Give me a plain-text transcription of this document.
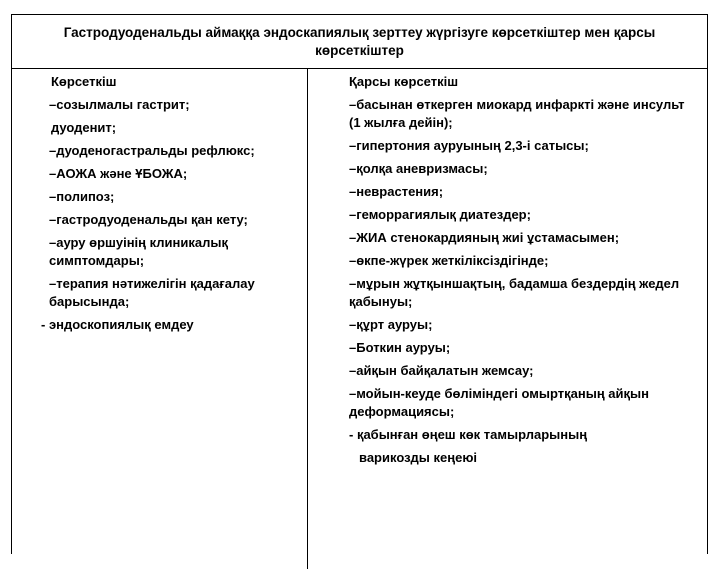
Гастродуоденальды аймаққа эндоскапиялық зерттеу жүргізуге көрсеткіштер мен қарсы көрсеткіштер
Көрсеткіш
–созылмалы гастрит;
дуоденит;
–дуоденогастральды рефлюкс;
–АОЖА және ҰБОЖА;
–полипоз;
–гастродуоденальды қан кету;
–ауру өршуінің клиникалық симптомдары;
–терапия нәтижелігін қадағалау барысында;
- эндоскопиялық емдеу
Қарсы көрсеткіш
–басынан өткерген миокард инфаркті және инсульт (1 жылға дейін);
–гипертония ауруының 2,3-і сатысы;
–қолқа аневризмасы;
–неврастения;
–геморрагиялық диатездер;
–ЖИА стенокардияның жиі ұстамасымен;
–өкпе-жүрек жеткіліксіздігінде;
–мұрын жұтқыншақтың, бадамша бездердің жедел қабынуы;
–құрт ауруы;
–Боткин ауруы;
–айқын байқалатын жемсау;
–мойын-кеуде бөліміндегі омыртқаның айқын деформациясы;
- қабынған өңеш көк тамырларының
варикозды кеңеюі
